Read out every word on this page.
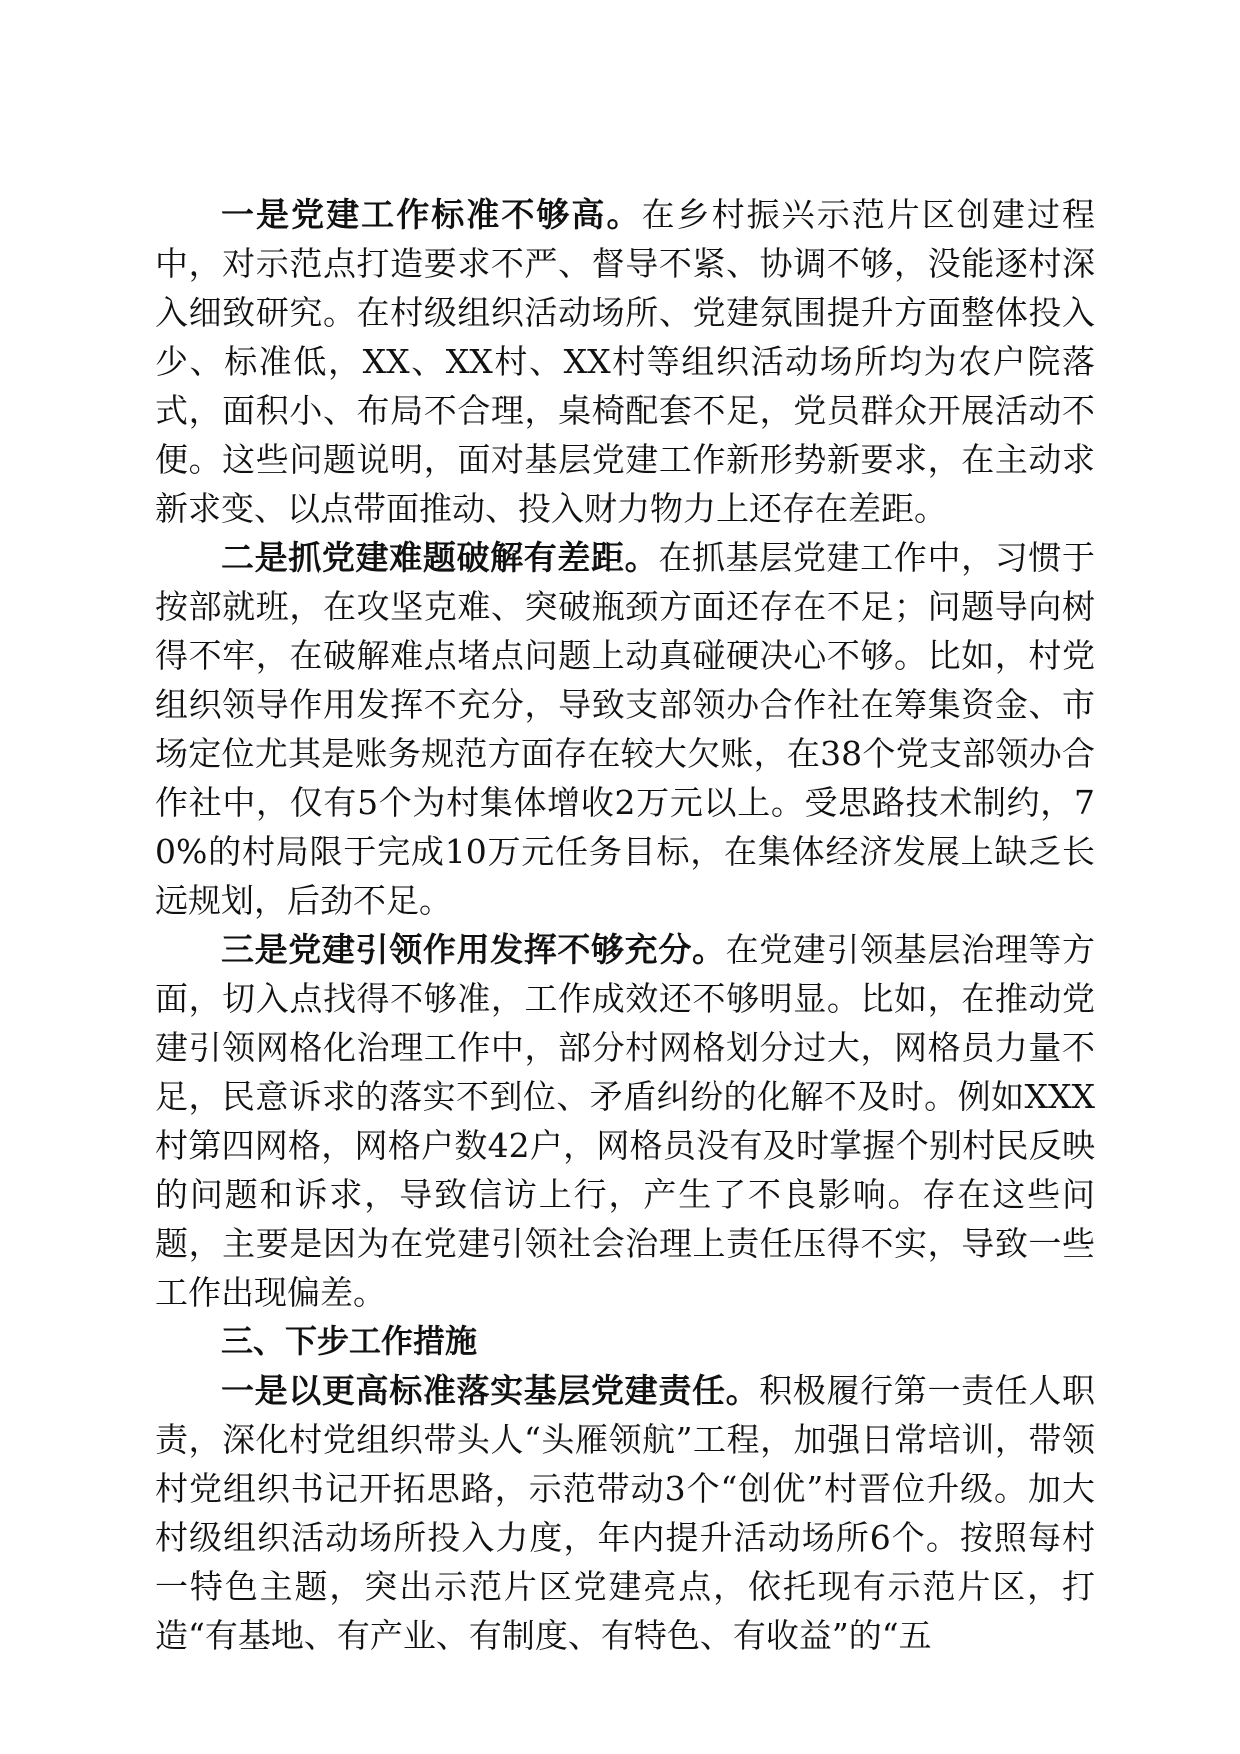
一是党建工作标准不够高。在乡村振兴示范片区创建过程中，对示范点打造要求不严、督导不紧、协调不够，没能逐村深入细致研究。在村级组织活动场所、党建氛围提升方面整体投入少、标准低，XX、XX村、XX村等组织活动场所均为农户院落式，面积小、布局不合理，桌椅配套不足，党员群众开展活动不便。这些问题说明，面对基层党建工作新形势新要求，在主动求新求变、以点带面推动、投入财力物力上还存在差距。

二是抓党建难题破解有差距。在抓基层党建工作中，习惯于按部就班，在攻坚克难、突破瓶颈方面还存在不足；问题导向树得不牢，在破解难点堵点问题上动真碰硬决心不够。比如，村党组织领导作用发挥不充分，导致支部领办合作社在筹集资金、市场定位尤其是账务规范方面存在较大欠账，在38个党支部领办合作社中，仅有5个为村集体增收2万元以上。受思路技术制约，70%的村局限于完成10万元任务目标，在集体经济发展上缺乏长远规划，后劲不足。

三是党建引领作用发挥不够充分。在党建引领基层治理等方面，切入点找得不够准，工作成效还不够明显。比如，在推动党建引领网格化治理工作中，部分村网格划分过大，网格员力量不足，民意诉求的落实不到位、矛盾纠纷的化解不及时。例如XXX村第四网格，网格户数42户，网格员没有及时掌握个别村民反映的问题和诉求，导致信访上行，产生了不良影响。存在这些问题，主要是因为在党建引领社会治理上责任压得不实，导致一些工作出现偏差。

三、下步工作措施

一是以更高标准落实基层党建责任。积极履行第一责任人职责，深化村党组织带头人“头雁领航”工程，加强日常培训，带领村党组织书记开拓思路，示范带动3个“创优”村晋位升级。加大村级组织活动场所投入力度，年内提升活动场所6个。按照每村一特色主题，突出示范片区党建亮点，依托现有示范片区，打造“有基地、有产业、有制度、有特色、有收益”的“五
